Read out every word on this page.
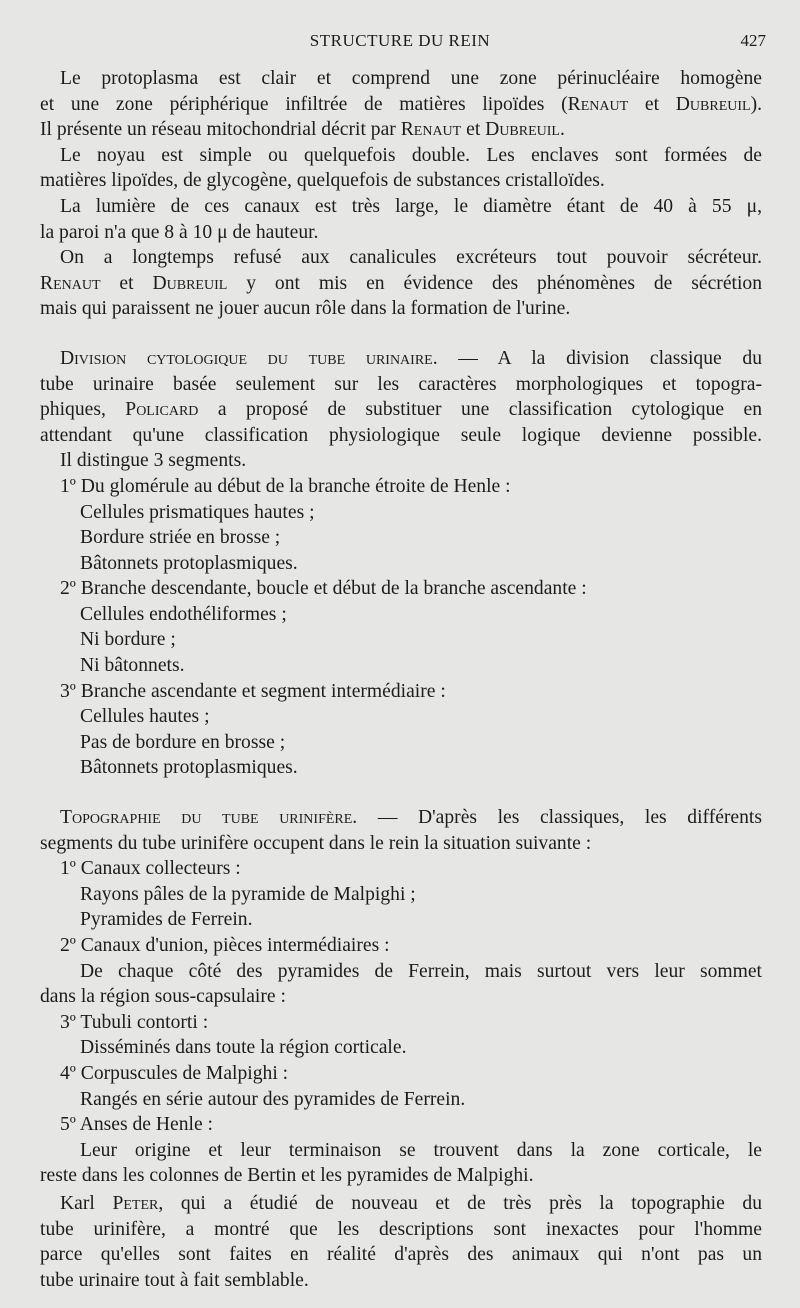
STRUCTURE DU REIN	427

Le protoplasma est clair et comprend une zone périnucléaire homogène

et une zone périphérique infiltrée de matières lipoïdes (Renaut et Dubreuil).

Il présente un réseau mitochondrial décrit par Renaut et Dubreuil.

Le noyau est simple ou quelquefois double. Les enclaves sont formées de

matières lipoïdes, de glycogène, quelquefois de substances cristalloïdes.

La lumière de ces canaux est très large, le diamètre étant de 40 à 55 μ,

la paroi n'a que 8 à 10 μ de hauteur.

On a longtemps refusé aux canalicules excréteurs tout pouvoir sécréteur.

Renaut et Dubreuil y ont mis en évidence des phénomènes de sécrétion

mais qui paraissent ne jouer aucun rôle dans la formation de l'urine.

Division cytologique du tube urinaire. — A la division classique du

tube urinaire basée seulement sur les caractères morphologiques et topogra-

phiques, Policard a proposé de substituer une classification cytologique en

attendant qu'une classification physiologique seule logique devienne possible.

Il distingue 3 segments.

1º Du glomérule au début de la branche étroite de Henle :

Cellules prismatiques hautes ;

Bordure striée en brosse ;

Bâtonnets protoplasmiques.

2º Branche descendante, boucle et début de la branche ascendante :

Cellules endothéliformes ;

Ni bordure ;

Ni bâtonnets.

3º Branche ascendante et segment intermédiaire :

Cellules hautes ;

Pas de bordure en brosse ;

Bâtonnets protoplasmiques.

Topographie du tube urinifère. — D'après les classiques, les différents

segments du tube urinifère occupent dans le rein la situation suivante :

1º Canaux collecteurs :

Rayons pâles de la pyramide de Malpighi ;

Pyramides de Ferrein.

2º Canaux d'union, pièces intermédiaires :

De chaque côté des pyramides de Ferrein, mais surtout vers leur sommet

dans la région sous-capsulaire :

3º Tubuli contorti :

Disséminés dans toute la région corticale.

4º Corpuscules de Malpighi :

Rangés en série autour des pyramides de Ferrein.

5º Anses de Henle :

Leur origine et leur terminaison se trouvent dans la zone corticale, le

reste dans les colonnes de Bertin et les pyramides de Malpighi.

Karl Peter, qui a étudié de nouveau et de très près la topographie du

tube urinifère, a montré que les descriptions sont inexactes pour l'homme

parce qu'elles sont faites en réalité d'après des animaux qui n'ont pas un

tube urinaire tout à fait semblable.
